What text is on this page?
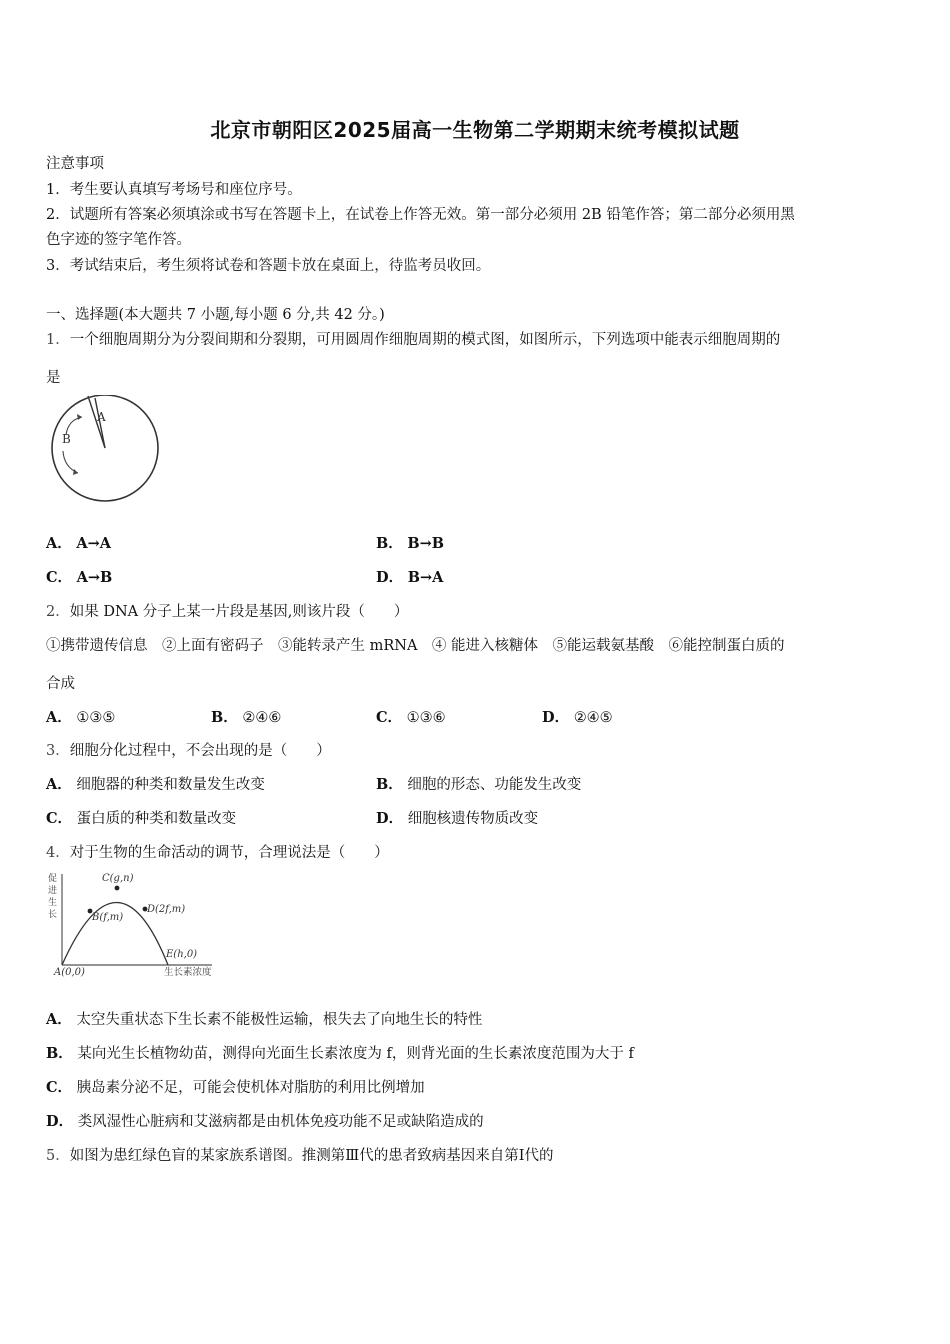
北京市朝阳区2025届高一生物第二学期期末统考模拟试题
注意事项
1．考生要认真填写考场号和座位序号。
2．试题所有答案必须填涂或书写在答题卡上，在试卷上作答无效。第一部分必须用 2B 铅笔作答；第二部分必须用黑
色字迹的签字笔作答。
3．考试结束后，考生须将试卷和答题卡放在桌面上，待监考员收回。
一、选择题(本大题共 7 小题,每小题 6 分,共 42 分。)
1．一个细胞周期分为分裂间期和分裂期，可用圆周作细胞周期的模式图，如图所示，下列选项中能表示细胞周期的
是
A
B
A． A→A	B． B→B
C． A→B	D． B→A
2．如果 DNA 分子上某一片段是基因,则该片段（　　）
①携带遗传信息　②上面有密码子　③能转录产生 mRNA　④ 能进入核糖体　⑤能运载氨基酸　⑥能控制蛋白质的
合成
A． ①③⑤	B． ②④⑥	C． ①③⑥	D． ②④⑤
3．细胞分化过程中，不会出现的是（　　）
A． 细胞器的种类和数量发生改变	B． 细胞的形态、功能发生改变
C． 蛋白质的种类和数量改变	D． 细胞核遗传物质改变
4．对于生物的生命活动的调节，合理说法是（　　）
促
进
生
长
生长素浓度
A(0,0)
B(f,m)
C(g,n)
D(2f,m)
E(h,0)
A． 太空失重状态下生长素不能极性运输，根失去了向地生长的特性
B． 某向光生长植物幼苗，测得向光面生长素浓度为 f，则背光面的生长素浓度范围为大于 f
C． 胰岛素分泌不足，可能会使机体对脂肪的利用比例增加
D． 类风湿性心脏病和艾滋病都是由机体免疫功能不足或缺陷造成的
5．如图为患红绿色盲的某家族系谱图。推测第Ⅲ代的患者致病基因来自第Ⅰ代的
